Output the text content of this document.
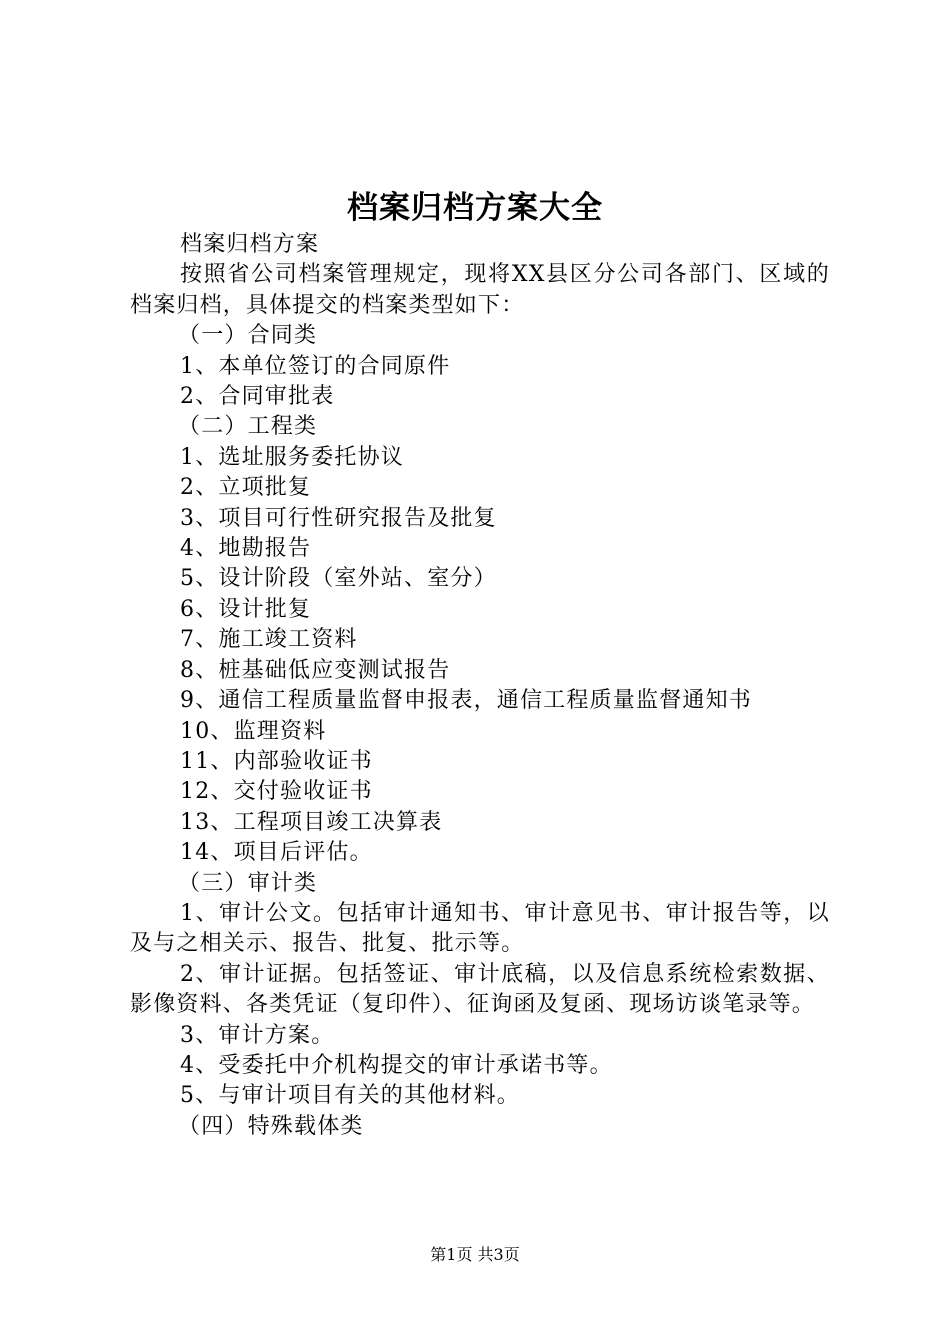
档案归档方案大全

档案归档方案

按照省公司档案管理规定，现将XX县区分公司各部门、区域的档案归档，具体提交的档案类型如下：

（一）合同类

1、本单位签订的合同原件

2、合同审批表

（二）工程类

1、选址服务委托协议

2、立项批复

3、项目可行性研究报告及批复

4、地勘报告

5、设计阶段（室外站、室分）

6、设计批复

7、施工竣工资料

8、桩基础低应变测试报告

9、通信工程质量监督申报表，通信工程质量监督通知书

10、监理资料

11、内部验收证书

12、交付验收证书

13、工程项目竣工决算表

14、项目后评估。

（三）审计类

1、审计公文。包括审计通知书、审计意见书、审计报告等，以及与之相关示、报告、批复、批示等。

2、审计证据。包括签证、审计底稿，以及信息系统检索数据、影像资料、各类凭证（复印件）、征询函及复函、现场访谈笔录等。

3、审计方案。

4、受委托中介机构提交的审计承诺书等。

5、与审计项目有关的其他材料。

（四）特殊载体类

第1页 共3页
